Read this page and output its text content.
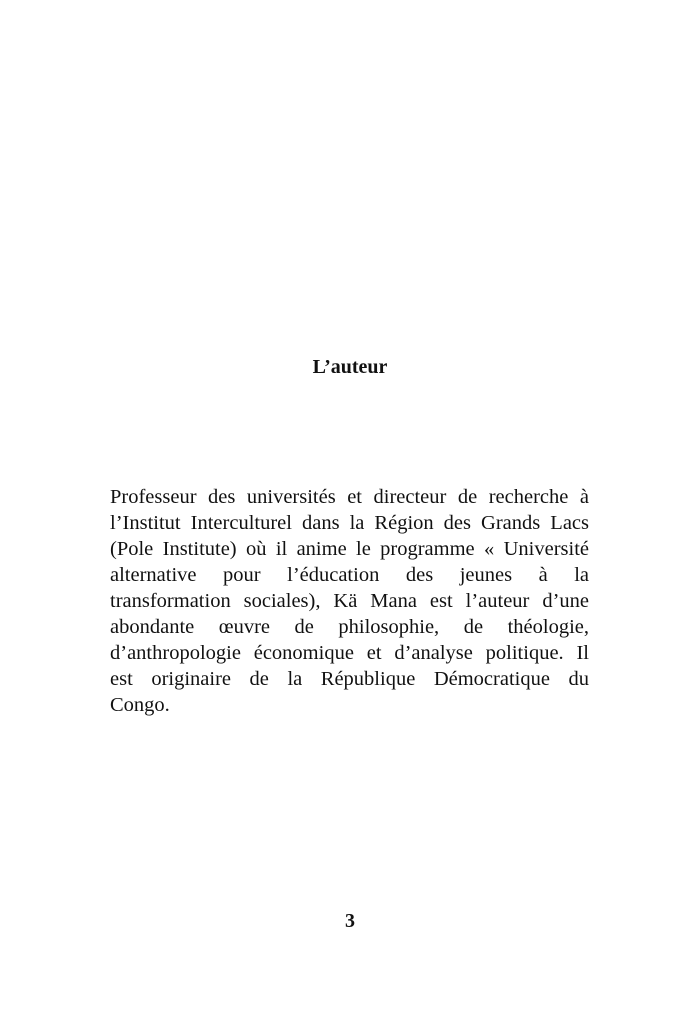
L’auteur
Professeur des universités et directeur de recherche à
l’Institut Interculturel dans la Région des Grands Lacs
(Pole Institute) où il anime le programme « Université
alternative pour l’éducation des jeunes à la
transformation sociales), Kä Mana est l’auteur d’une
abondante œuvre de philosophie, de théologie,
d’anthropologie économique et d’analyse politique. Il
est originaire de la République Démocratique du
Congo.
3
